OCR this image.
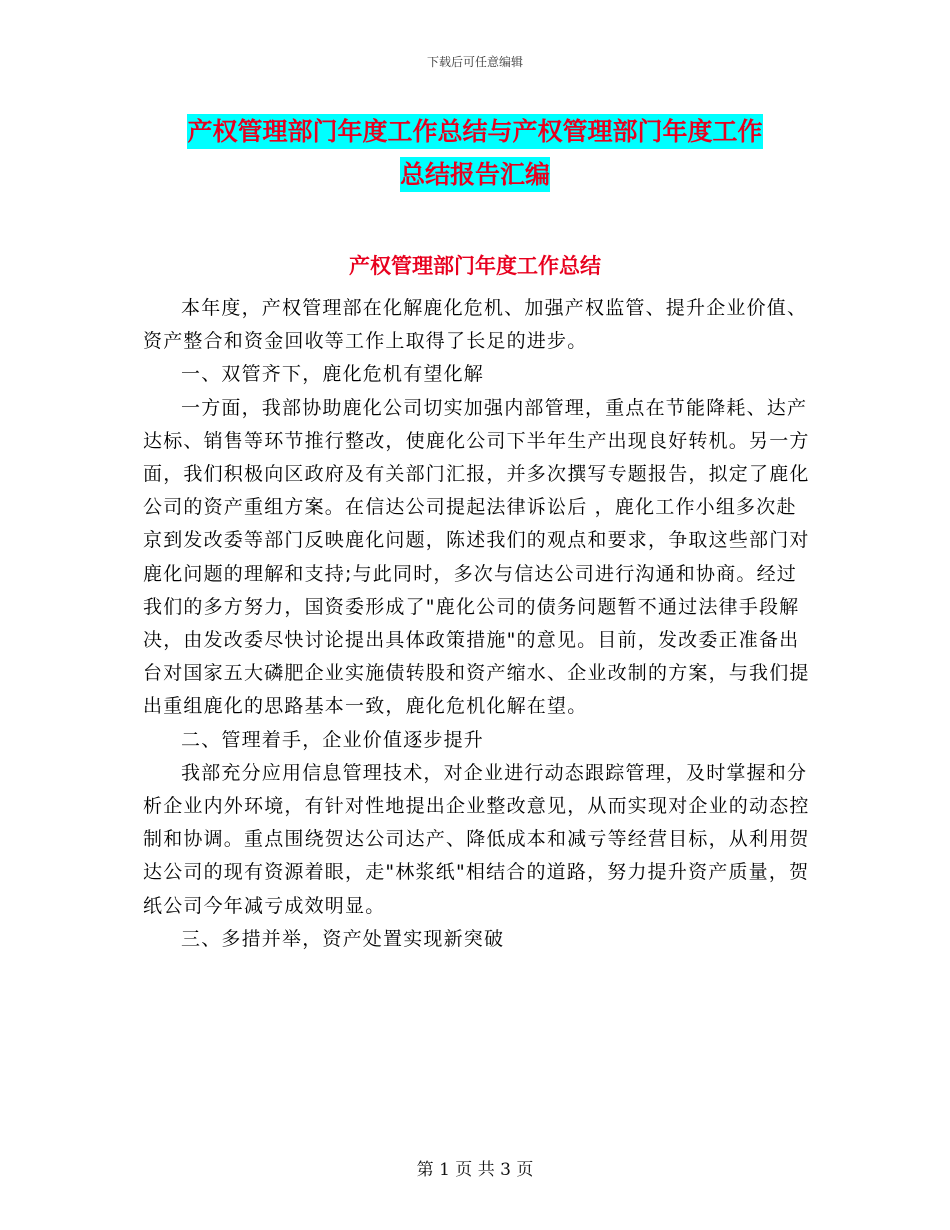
下载后可任意编辑
产权管理部门年度工作总结与产权管理部门年度工作
总结报告汇编
产权管理部门年度工作总结

本年度，产权管理部在化解鹿化危机、加强产权监管、提升企业价值、资产整合和资金回收等工作上取得了长足的进步。

一、双管齐下，鹿化危机有望化解

一方面，我部协助鹿化公司切实加强内部管理，重点在节能降耗、达产达标、销售等环节推行整改，使鹿化公司下半年生产出现良好转机。另一方面，我们积极向区政府及有关部门汇报，并多次撰写专题报告，拟定了鹿化公司的资产重组方案。在信达公司提起法律诉讼后 ，鹿化工作小组多次赴京到发改委等部门反映鹿化问题，陈述我们的观点和要求，争取这些部门对鹿化问题的理解和支持;与此同时，多次与信达公司进行沟通和协商。经过我们的多方努力，国资委形成了"鹿化公司的债务问题暂不通过法律手段解决，由发改委尽快讨论提出具体政策措施"的意见。目前，发改委正准备出台对国家五大磷肥企业实施债转股和资产缩水、企业改制的方案，与我们提出重组鹿化的思路基本一致，鹿化危机化解在望。

二、管理着手，企业价值逐步提升

我部充分应用信息管理技术，对企业进行动态跟踪管理，及时掌握和分析企业内外环境，有针对性地提出企业整改意见，从而实现对企业的动态控制和协调。重点围绕贺达公司达产、降低成本和减亏等经营目标，从利用贺达公司的现有资源着眼，走"林浆纸"相结合的道路，努力提升资产质量，贺纸公司今年减亏成效明显。

三、多措并举，资产处置实现新突破

第 1 页 共 3 页
